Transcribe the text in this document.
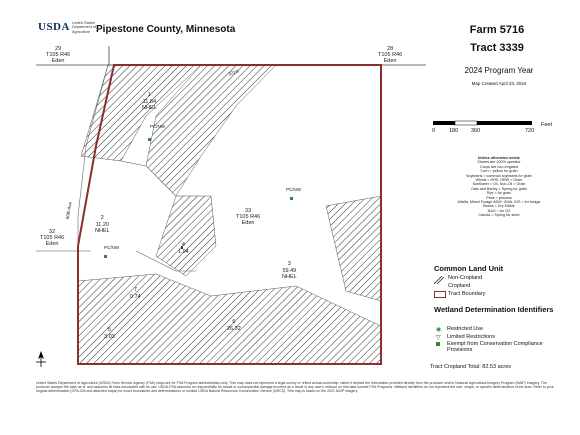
USDA United States
Department of
Agriculture Pipestone County, Minnesota	Farm 5716
Tract 3339
2024 Program Year
Map Created April 23, 2024
29
T105 R46
Eden
28
T105 R46
Eden
32
T105 R46
Eden
33
T105 R46
Eden
1
11.84
NHEL
2
11.20
NHEL
3
59.49
NHEL
4
1.04
5
3.03
6
26.32
7
0.74
PC/NW
PC/NW
PC/NW
321st
60th Ave
0	180 360	720
Feet
Unless otherwise noted:
Shares are 100% operator
Crops are non-irrigated
Corn = yellow for grain
Soybeans = common soybeans for grain
Wheat = HRS, HRW = Grain
Sunflower = Oil, Non-Oil = Grain
Oats and Barley = Spring for grain
Rye = for grain
Peas = process
Alfalfa, Mixed Forage AGM, GMA, IGS = for forage
Beans = Dry Edible
NAG = for GZ
Canola = Spring for seed
Common Land Unit
Non-Cropland
Cropland
Tract Boundary
Wetland Determination Identifiers
◉ Restricted Use
▽ Limited Restrictions
Exempt from Conservation Compliance Provisions
Tract Cropland Total: 82.53 acres
United States Department of Agriculture (USDA) Farm Service Agency (FSA) maps are for FSA Program administration only. This map does not represent a legal survey or reflect actual ownership; rather it depicts the information provided directly from the producer and/or National Agricultural Imagery Program (NAIP) imagery. The producer accepts the data 'as is' and assumes all risks associated with its use. USDA-FSA assumes no responsibility for actual or consequential damage incurred as a result of any user's reliance on this data outside FSA Programs. Wetland identifiers do not represent the size, shape, or specific determination of the area. Refer to your original determination (CPA-026 and attached maps) for exact boundaries and determinations or contact USDA Natural Resources Conservation Service (NRCS). This map is based on the 2021 NAIP imagery.
